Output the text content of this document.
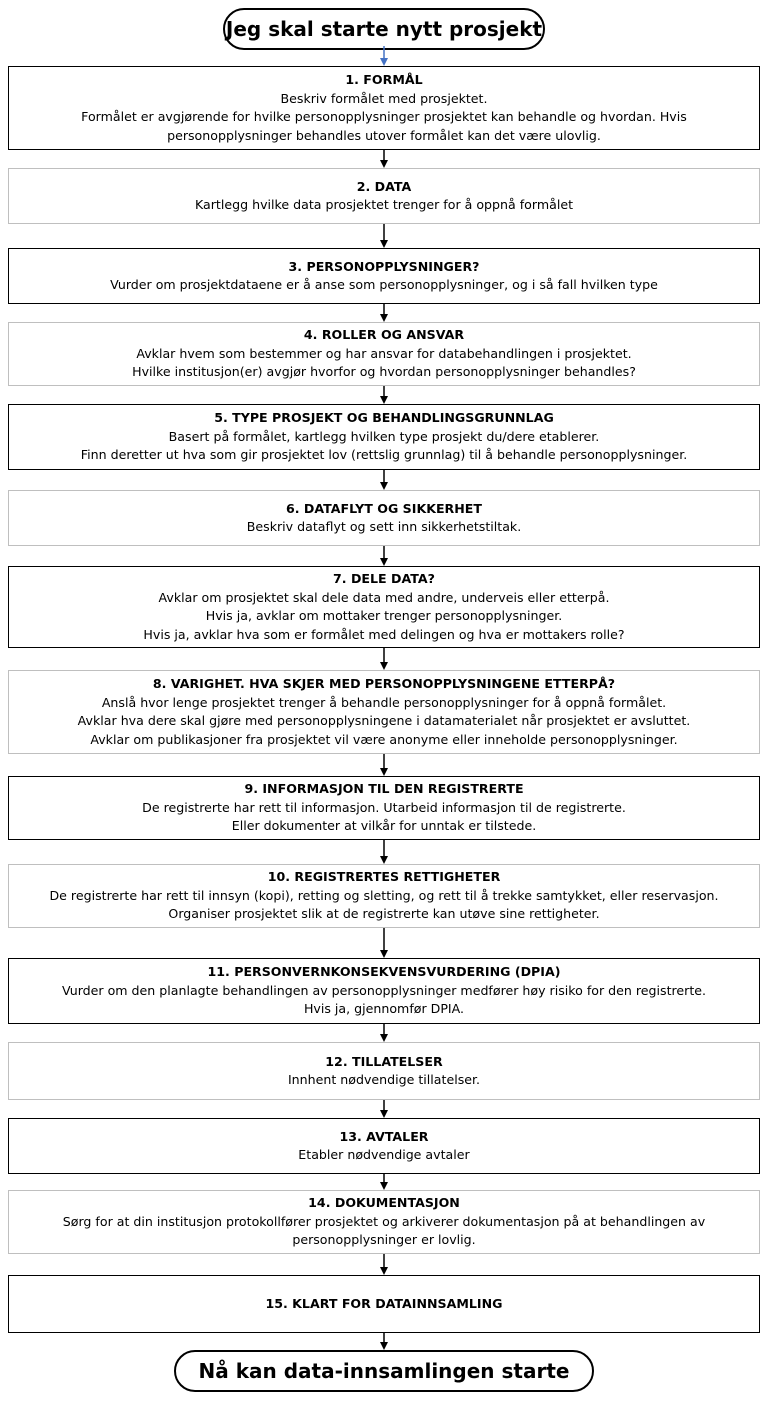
Jeg skal starte nytt prosjekt
1. FORMÅL
Beskriv formålet med prosjektet.
Formålet er avgjørende for hvilke personopplysninger prosjektet kan behandle og hvordan. Hvis
personopplysninger behandles utover formålet kan det være ulovlig.
2. DATA
Kartlegg hvilke data prosjektet trenger for å oppnå formålet
3. PERSONOPPLYSNINGER?
Vurder om prosjektdataene er å anse som personopplysninger, og i så fall hvilken type
4. ROLLER OG ANSVAR
Avklar hvem som bestemmer og har ansvar for databehandlingen i prosjektet.
Hvilke institusjon(er) avgjør hvorfor og hvordan personopplysninger behandles?
5. TYPE PROSJEKT OG BEHANDLINGSGRUNNLAG
Basert på formålet, kartlegg hvilken type prosjekt du/dere etablerer.
Finn deretter ut hva som gir prosjektet lov (rettslig grunnlag) til å behandle personopplysninger.
6. DATAFLYT OG SIKKERHET
Beskriv dataflyt og sett inn sikkerhetstiltak.
7. DELE DATA?
Avklar om prosjektet skal dele data med andre, underveis eller etterpå.
Hvis ja, avklar om mottaker trenger personopplysninger.
Hvis ja, avklar hva som er formålet med delingen og hva er mottakers rolle?
8. VARIGHET. HVA SKJER MED PERSONOPPLYSNINGENE ETTERPÅ?
Anslå hvor lenge prosjektet trenger å behandle personopplysninger for å oppnå formålet.
Avklar hva dere skal gjøre med personopplysningene i datamaterialet når prosjektet er avsluttet.
Avklar om publikasjoner fra prosjektet vil være anonyme eller inneholde personopplysninger.
9. INFORMASJON TIL DEN REGISTRERTE
De registrerte har rett til informasjon. Utarbeid informasjon til de registrerte.
Eller dokumenter at vilkår for unntak er tilstede.
10. REGISTRERTES RETTIGHETER
De registrerte har rett til innsyn (kopi), retting og sletting, og rett til å trekke samtykket, eller reservasjon.
Organiser prosjektet slik at de registrerte kan utøve sine rettigheter.
11. PERSONVERNKONSEKVENSVURDERING (DPIA)
Vurder om den planlagte behandlingen av personopplysninger medfører høy risiko for den registrerte.
Hvis ja, gjennomfør DPIA.
12. TILLATELSER
Innhent nødvendige tillatelser.
13. AVTALER
Etabler nødvendige avtaler
14. DOKUMENTASJON
Sørg for at din institusjon protokollfører prosjektet og arkiverer dokumentasjon på at behandlingen av
personopplysninger er lovlig.
15. KLART FOR DATAINNSAMLING
Nå kan data-innsamlingen starte
